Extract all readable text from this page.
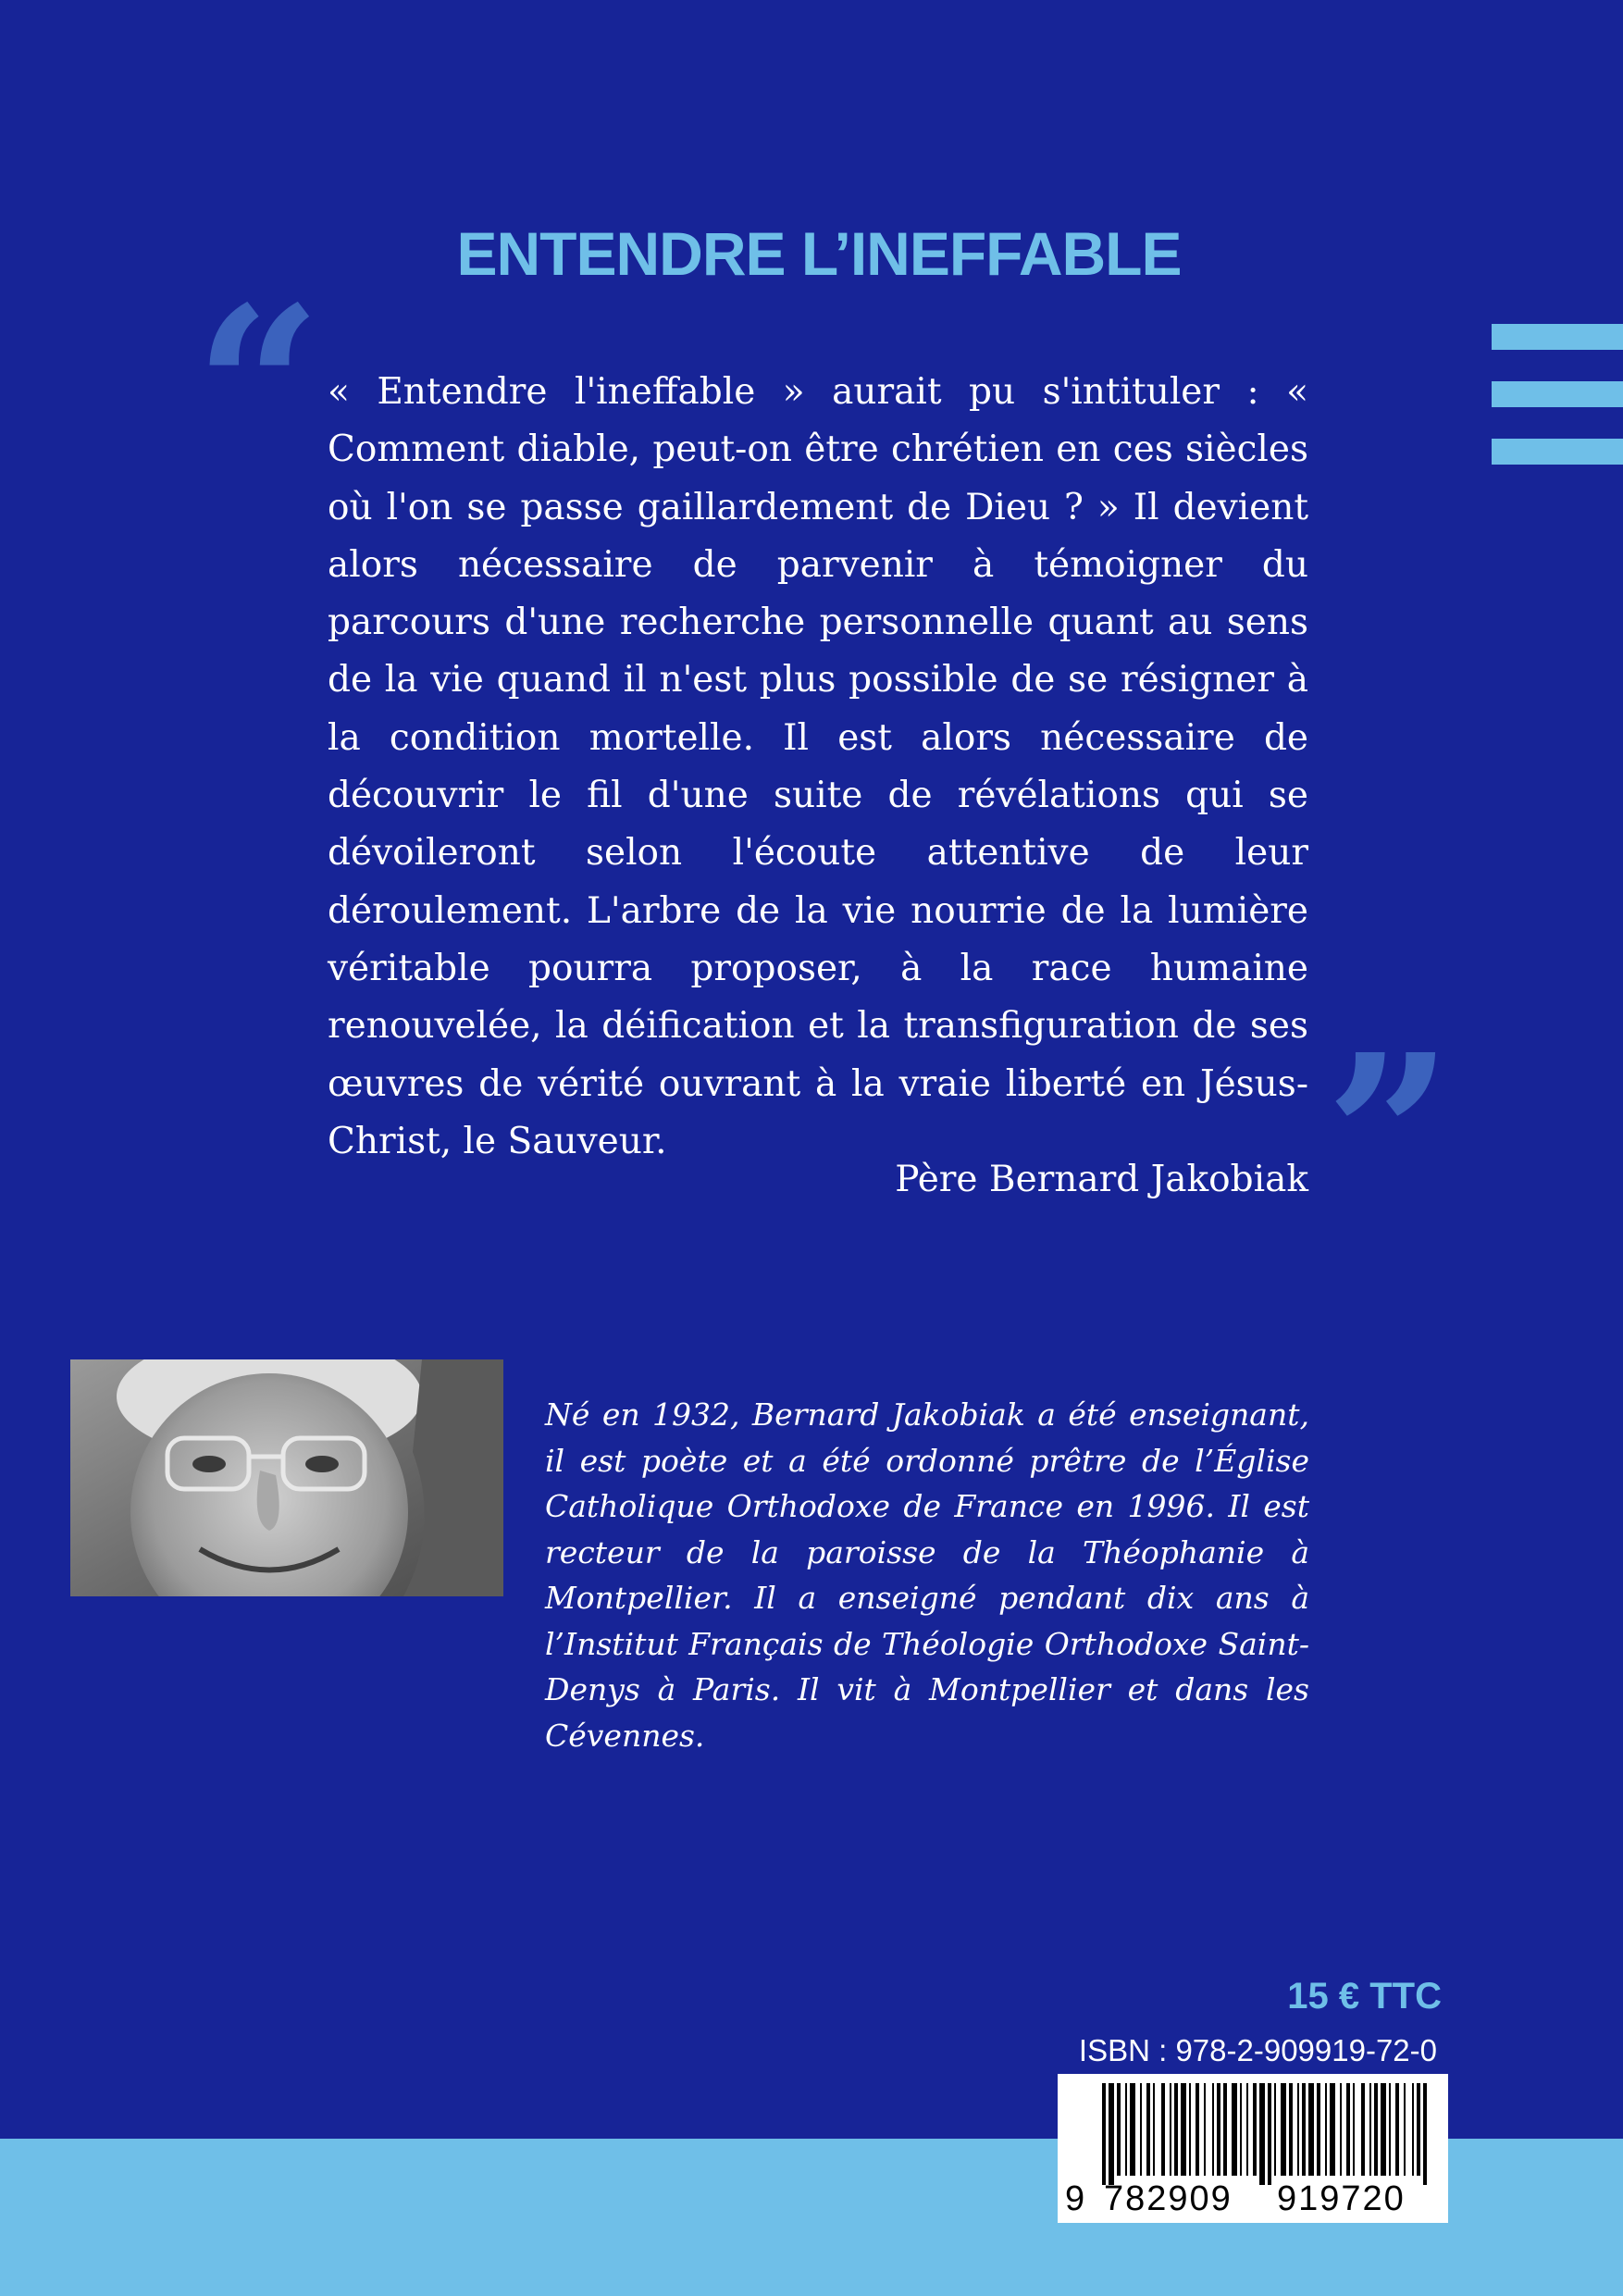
ENTENDRE L’INEFFABLE
“ « Entendre l'ineffable » aurait pu s'intituler : « Comment diable, peut-on être chrétien en ces siècles où l'on se passe gaillardement de Dieu ? » Il devient alors nécessaire de parvenir à témoigner du parcours d'une recherche personnelle quant au sens de la vie quand il n'est plus possible de se résigner à la condition mortelle. Il est alors nécessaire de découvrir le fil d'une suite de révélations qui se dévoileront selon l'écoute attentive de leur déroulement. L'arbre de la vie nourrie de la lumière véritable pourra proposer, à la race humaine renouvelée, la déification et la transfiguration de ses œuvres de vérité ouvrant à la vraie liberté en Jésus-Christ, le Sauveur.	”

Père Bernard Jakobiak

Né en 1932, Bernard Jakobiak a été enseignant, il est poète et a été ordonné prêtre de l’Église Catholique Orthodoxe de France en 1996. Il est recteur de la paroisse de la Théophanie à Montpellier. Il a enseigné pendant dix ans à l’Institut Français de Théologie Orthodoxe Saint-Denys à Paris. Il vit à Montpellier et dans les Cévennes.

15 € TTC
ISBN : 978-2-909919-72-0
9 782909 919720
